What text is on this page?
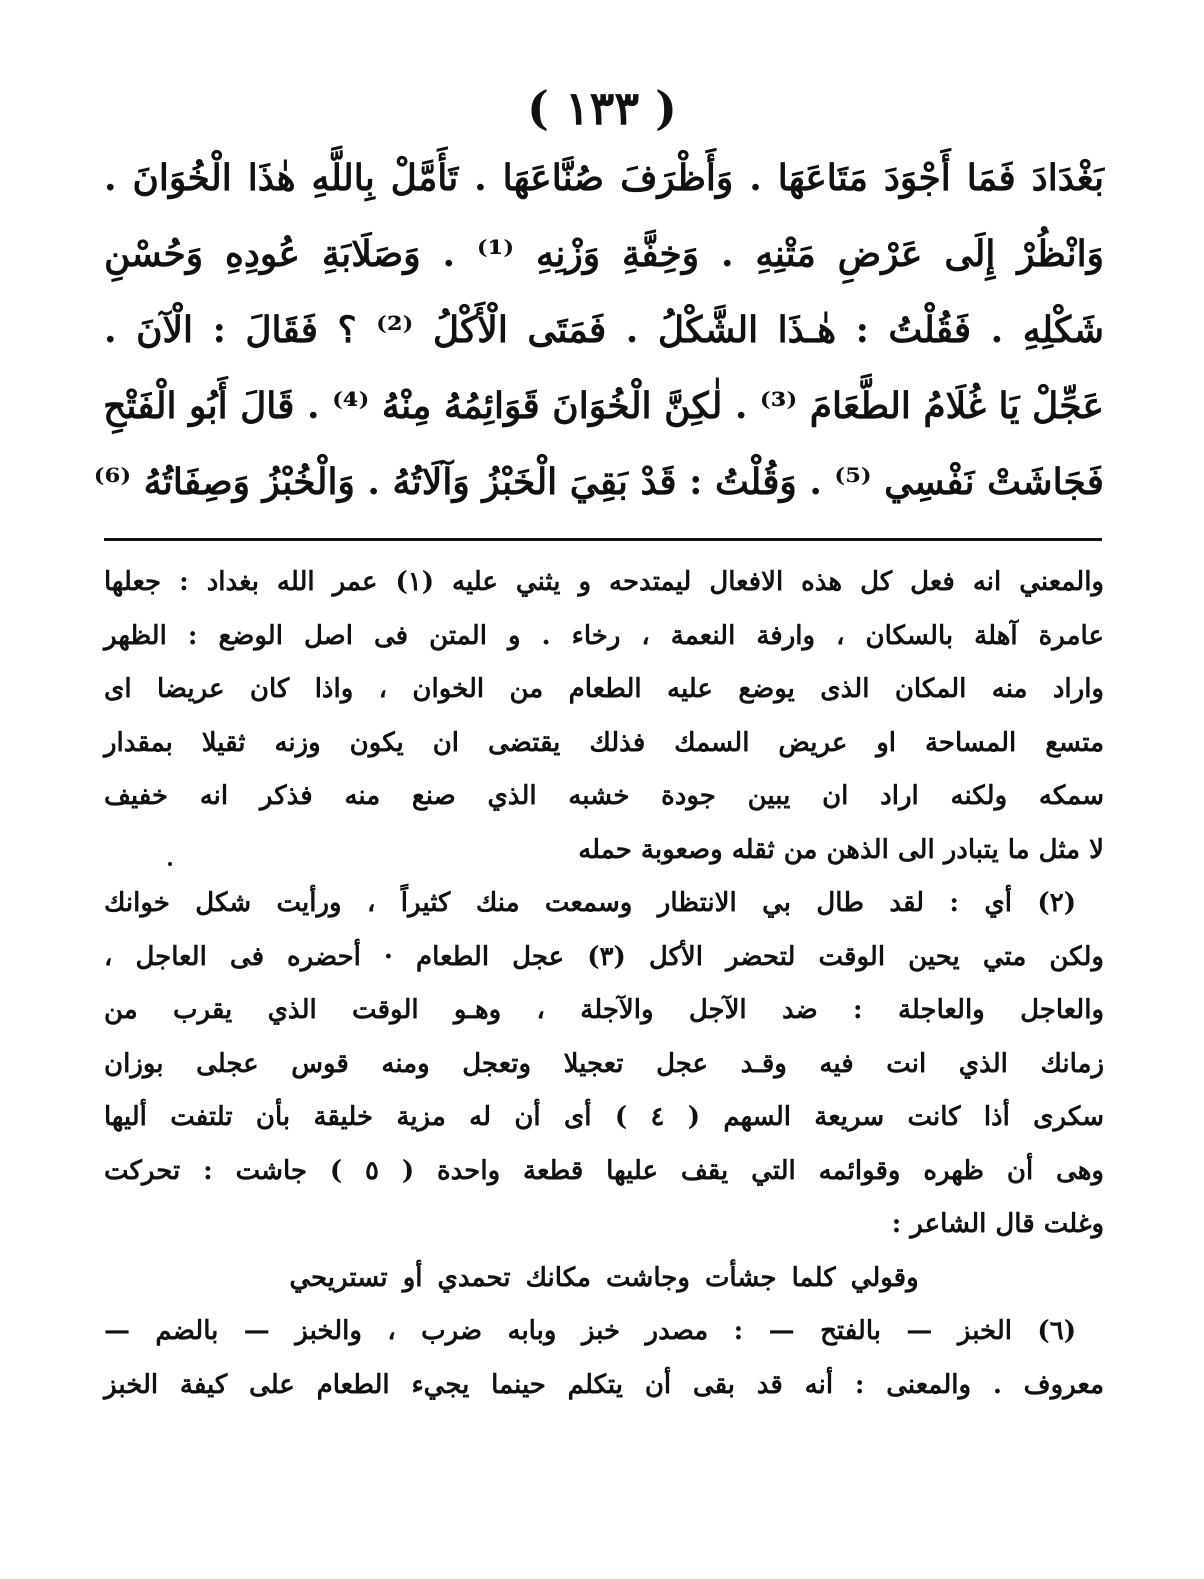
( ١٣٣ )
بَغْدَادَ فَمَا أَجْوَدَ مَتَاعَهَا . وَأَظْرَفَ صُنَّاعَهَا . تَأَمَّلْ بِاللَّهِ هٰذَا الْخُوَانَ .
وَانْظُرْ إِلَى عَرْضِ مَتْنِهِ . وَخِفَّةِ وَزْنِهِ ⁽¹⁾ . وَصَلَابَةِ عُودِهِ وَحُسْنِ
شَكْلِهِ . فَقُلْتُ : هٰـذَا الشَّكْلُ . فَمَتَى الْأَكْلُ ⁽²⁾ ؟ فَقَالَ : الْآنَ .
عَجِّلْ يَا غُلَامُ الطَّعَامَ ⁽³⁾ . لٰكِنَّ الْخُوَانَ قَوَائِمُهُ مِنْهُ ⁽⁴⁾ . قَالَ أَبُو الْفَتْحِ
فَجَاشَتْ نَفْسِي ⁽⁵⁾ . وَقُلْتُ : قَدْ بَقِيَ الْخَبْزُ وَآلَاتُهُ . وَالْخُبْزُ وَصِفَاتُهُ ⁽⁶⁾
والمعني انه فعل كل هذه الافعال ليمتدحه و يثني عليه (١) عمر الله بغداد : جعلها
عامرة آهلة بالسكان ، وارفة النعمة ، رخاء . و المتن فى اصل الوضع : الظهر
واراد منه المكان الذى يوضع عليه الطعام من الخوان ، واذا كان عريضا اى
متسع المساحة او عريض السمك فذلك يقتضى ان يكون وزنه ثقيلا بمقدار
سمكه ولكنه اراد ان يبين جودة خشبه الذي صنع منه فذكر انه خفيف
لا مثل ما يتبادر الى الذهن من ثقله وصعوبة حمله
(٢) أي : لقد طال بي الانتظار وسمعت منك كثيراً ، ورأيت شكل خوانك
ولكن متي يحين الوقت لتحضر الأكل (٣) عجل الطعام · أحضره فى العاجل ،
والعاجل والعاجلة : ضد الآجل والآجلة ، وهـو الوقت الذي يقرب من
زمانك الذي انت فيه وقـد عجل تعجيلا وتعجل ومنه قوس عجلى بوزان
سكرى أذا كانت سريعة السهم ( ٤ ) أى أن له مزية خليقة بأن تلتفت أليها
وهى أن ظهره وقوائمه التي يقف عليها قطعة واحدة ( ٥ ) جاشت : تحركت
وغلت قال الشاعر :
وقولي كلما جشأت وجاشت مكانك تحمدي أو تستريحي
(٦) الخبز — بالفتح — : مصدر خبز وبابه ضرب ، والخبز — بالضم —
معروف . والمعنى : أنه قد بقى أن يتكلم حينما يجيء الطعام على كيفة الخبز
